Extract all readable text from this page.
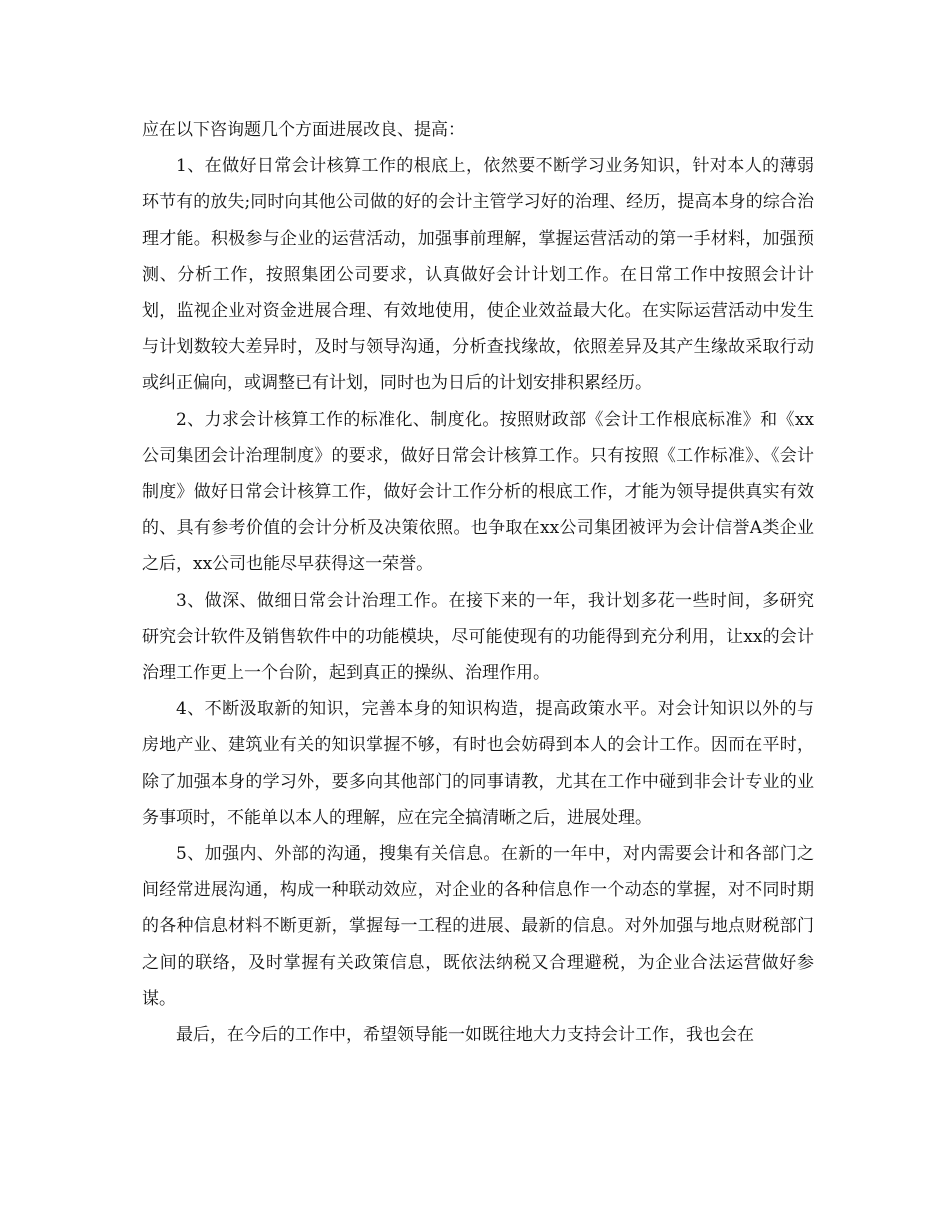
应在以下咨询题几个方面进展改良、提高：

1、在做好日常会计核算工作的根底上，依然要不断学习业务知识，针对本人的薄弱环节有的放失;同时向其他公司做的好的会计主管学习好的治理、经历，提高本身的综合治理才能。积极参与企业的运营活动，加强事前理解，掌握运营活动的第一手材料，加强预测、分析工作，按照集团公司要求，认真做好会计计划工作。在日常工作中按照会计计划，监视企业对资金进展合理、有效地使用，使企业效益最大化。在实际运营活动中发生与计划数较大差异时，及时与领导沟通，分析查找缘故，依照差异及其产生缘故采取行动或纠正偏向，或调整已有计划，同时也为日后的计划安排积累经历。

2、力求会计核算工作的标准化、制度化。按照财政部《会计工作根底标准》和《xx公司集团会计治理制度》的要求，做好日常会计核算工作。只有按照《工作标准》、《会计制度》做好日常会计核算工作，做好会计工作分析的根底工作，才能为领导提供真实有效的、具有参考价值的会计分析及决策依照。也争取在xx公司集团被评为会计信誉A类企业之后，xx公司也能尽早获得这一荣誉。

3、做深、做细日常会计治理工作。在接下来的一年，我计划多花一些时间，多研究研究会计软件及销售软件中的功能模块，尽可能使现有的功能得到充分利用，让xx的会计治理工作更上一个台阶，起到真正的操纵、治理作用。

4、不断汲取新的知识，完善本身的知识构造，提高政策水平。对会计知识以外的与房地产业、建筑业有关的知识掌握不够，有时也会妨碍到本人的会计工作。因而在平时，除了加强本身的学习外，要多向其他部门的同事请教，尤其在工作中碰到非会计专业的业务事项时，不能单以本人的理解，应在完全搞清晰之后，进展处理。

5、加强内、外部的沟通，搜集有关信息。在新的一年中，对内需要会计和各部门之间经常进展沟通，构成一种联动效应，对企业的各种信息作一个动态的掌握，对不同时期的各种信息材料不断更新，掌握每一工程的进展、最新的信息。对外加强与地点财税部门之间的联络，及时掌握有关政策信息，既依法纳税又合理避税，为企业合法运营做好参谋。

最后，在今后的工作中，希望领导能一如既往地大力支持会计工作，我也会在
